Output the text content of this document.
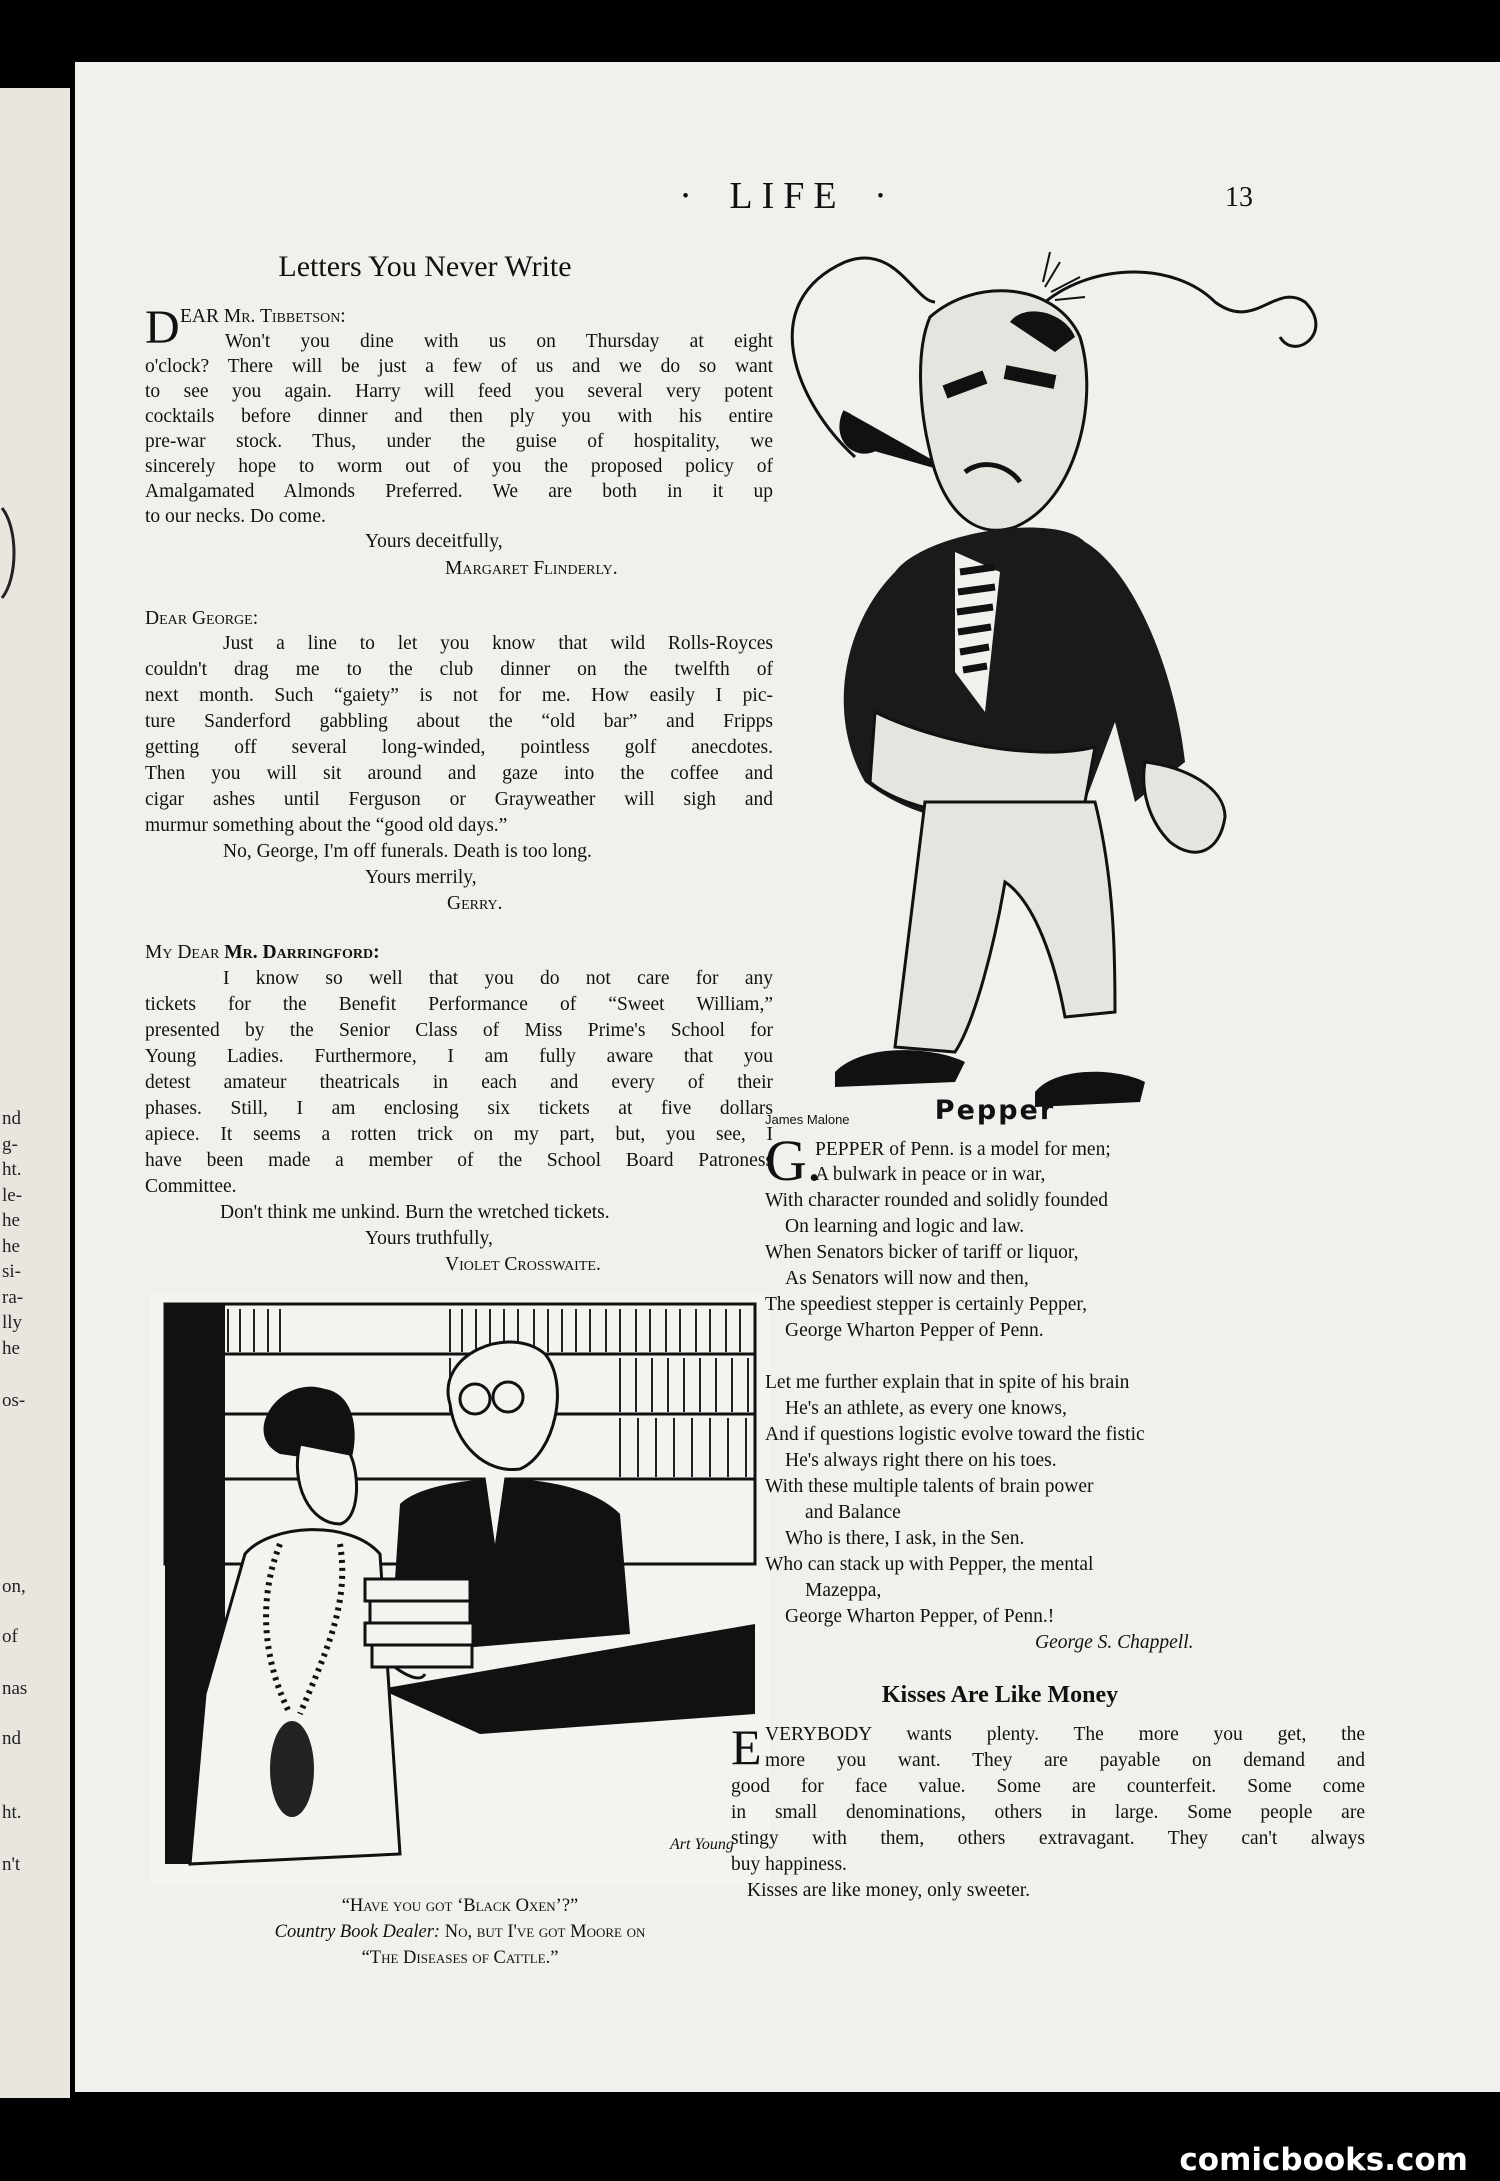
nd
g-
ht.
le-
he
he
si-
ra-
lly
he
os-
on,
of
nas
nd
ht.
n't
· LIFE ·	13
Letters You Never Write
D EAR Mr. Tibbetson:
Won't you dine with us on Thursday at eight
o'clock? There will be just a few of us and we do so want
to see you again. Harry will feed you several very potent
cocktails before dinner and then ply you with his entire
pre-war stock. Thus, under the guise of hospitality, we
sincerely hope to worm out of you the proposed policy of
Amalgamated Almonds Preferred. We are both in it up
to our necks. Do come.
Yours deceitfully,
Margaret Flinderly.
Dear George:
Just a line to let you know that wild Rolls-Royces
couldn't drag me to the club dinner on the twelfth of
next month. Such “gaiety” is not for me. How easily I pic-
ture Sanderford gabbling about the “old bar” and Fripps
getting off several long-winded, pointless golf anecdotes.
Then you will sit around and gaze into the coffee and
cigar ashes until Ferguson or Grayweather will sigh and
murmur something about the “good old days.”
No, George, I'm off funerals. Death is too long.
Yours merrily,
Gerry.
My Dear Mr. Darringford:
I know so well that you do not care for any
tickets for the Benefit Performance of “Sweet William,”
presented by the Senior Class of Miss Prime's School for
Young Ladies. Furthermore, I am fully aware that you
detest amateur theatricals in each and every of their
phases. Still, I am enclosing six tickets at five dollars
apiece. It seems a rotten trick on my part, but, you see, I
have been made a member of the School Board Patroness
Committee.
Don't think me unkind. Burn the wretched tickets.
Yours truthfully,
Violet Crosswaite.
Art Young
“Have you got ‘Black Oxen’?”
Country Book Dealer: No, but I've got Moore on
“The Diseases of Cattle.”
James Malone	Pepper
G.
PEPPER of Penn. is a model for men;
A bulwark in peace or in war,
With character rounded and solidly founded
On learning and logic and law.
When Senators bicker of tariff or liquor,
As Senators will now and then,
The speediest stepper is certainly Pepper,
George Wharton Pepper of Penn.
Let me further explain that in spite of his brain
He's an athlete, as every one knows,
And if questions logistic evolve toward the fistic
He's always right there on his toes.
With these multiple talents of brain power
and Balance
Who is there, I ask, in the Sen.
Who can stack up with Pepper, the mental
Mazeppa,
George Wharton Pepper, of Penn.!
George S. Chappell.
Kisses Are Like Money
E VERYBODY wants plenty. The more you get, the
more you want. They are payable on demand and
good for face value. Some are counterfeit. Some come
in small denominations, others in large. Some people are
stingy with them, others extravagant. They can't always
buy happiness.
Kisses are like money, only sweeter.
comicbooks.com
